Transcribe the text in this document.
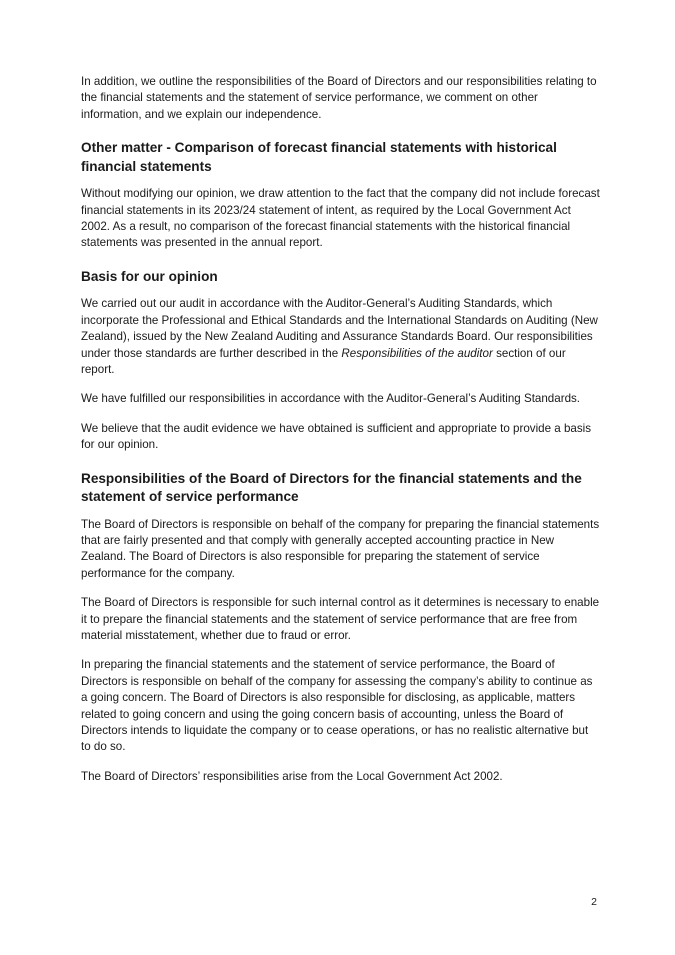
In addition, we outline the responsibilities of the Board of Directors and our responsibilities relating to the financial statements and the statement of service performance, we comment on other information, and we explain our independence.

Other matter - Comparison of forecast financial statements with historical financial statements

Without modifying our opinion, we draw attention to the fact that the company did not include forecast financial statements in its 2023/24 statement of intent, as required by the Local Government Act 2002. As a result, no comparison of the forecast financial statements with the historical financial statements was presented in the annual report.

Basis for our opinion

We carried out our audit in accordance with the Auditor-General’s Auditing Standards, which incorporate the Professional and Ethical Standards and the International Standards on Auditing (New Zealand), issued by the New Zealand Auditing and Assurance Standards Board. Our responsibilities under those standards are further described in the Responsibilities of the auditor section of our report.

We have fulfilled our responsibilities in accordance with the Auditor-General’s Auditing Standards.

We believe that the audit evidence we have obtained is sufficient and appropriate to provide a basis for our opinion.

Responsibilities of the Board of Directors for the financial statements and the statement of service performance

The Board of Directors is responsible on behalf of the company for preparing the financial statements that are fairly presented and that comply with generally accepted accounting practice in New Zealand. The Board of Directors is also responsible for preparing the statement of service performance for the company.

The Board of Directors is responsible for such internal control as it determines is necessary to enable it to prepare the financial statements and the statement of service performance that are free from material misstatement, whether due to fraud or error.

In preparing the financial statements and the statement of service performance, the Board of Directors is responsible on behalf of the company for assessing the company’s ability to continue as a going concern. The Board of Directors is also responsible for disclosing, as applicable, matters related to going concern and using the going concern basis of accounting, unless the Board of Directors intends to liquidate the company or to cease operations, or has no realistic alternative but to do so.

The Board of Directors’ responsibilities arise from the Local Government Act 2002.

2
